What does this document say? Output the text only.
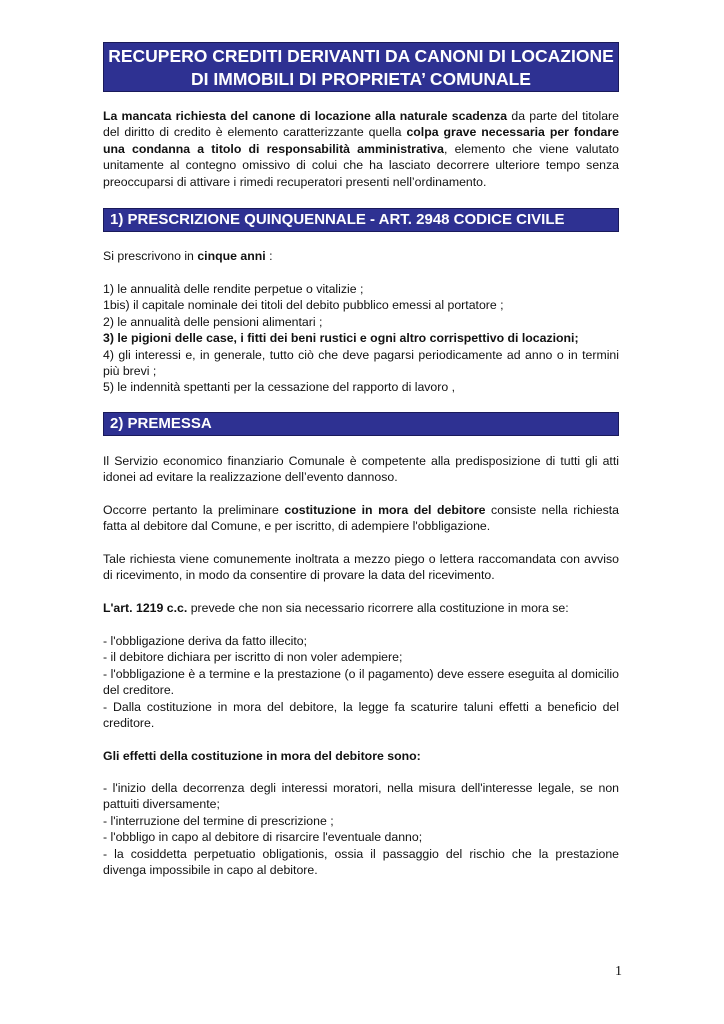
RECUPERO CREDITI DERIVANTI DA CANONI DI LOCAZIONE
DI IMMOBILI DI PROPRIETA’ COMUNALE
La mancata richiesta del canone di locazione alla naturale scadenza da parte del titolare del diritto di credito è elemento caratterizzante quella colpa grave necessaria per fondare una condanna a titolo di responsabilità amministrativa, elemento che viene valutato unitamente al contegno omissivo di colui che ha lasciato decorrere ulteriore tempo senza preoccuparsi di attivare i rimedi recuperatori presenti nell’ordinamento.
1) PRESCRIZIONE QUINQUENNALE - ART. 2948 CODICE CIVILE
Si prescrivono in cinque anni :
1) le annualità delle rendite perpetue o vitalizie ;
1bis) il capitale nominale dei titoli del debito pubblico emessi al portatore ;
2) le annualità delle pensioni alimentari ;
3) le pigioni delle case, i fitti dei beni rustici e ogni altro corrispettivo di locazioni;
4) gli interessi e, in generale, tutto ciò che deve pagarsi periodicamente ad anno o in termini più brevi ;
5) le indennità spettanti per la cessazione del rapporto di lavoro ,
2) PREMESSA
Il Servizio economico finanziario Comunale è competente alla predisposizione di tutti gli atti idonei ad evitare la realizzazione dell’evento dannoso.
Occorre pertanto la preliminare costituzione in mora del debitore consiste nella richiesta fatta al debitore dal Comune, e per iscritto, di adempiere l'obbligazione.
Tale richiesta viene comunemente inoltrata a mezzo piego o lettera raccomandata con avviso di ricevimento, in modo da consentire di provare la data del ricevimento.
L'art. 1219 c.c. prevede che non sia necessario ricorrere alla costituzione in mora se:
- l'obbligazione deriva da fatto illecito;
- il debitore dichiara per iscritto di non voler adempiere;
- l'obbligazione è a termine e la prestazione (o il pagamento) deve essere eseguita al domicilio del creditore.
- Dalla costituzione in mora del debitore, la legge fa scaturire taluni effetti a beneficio del creditore.
Gli effetti della costituzione in mora del debitore sono:
- l'inizio della decorrenza degli interessi moratori, nella misura dell'interesse legale, se non pattuiti diversamente;
- l'interruzione del termine di prescrizione ;
- l'obbligo in capo al debitore di risarcire l'eventuale danno;
- la cosiddetta perpetuatio obligationis, ossia il passaggio del rischio che la prestazione divenga impossibile in capo al debitore.
1
